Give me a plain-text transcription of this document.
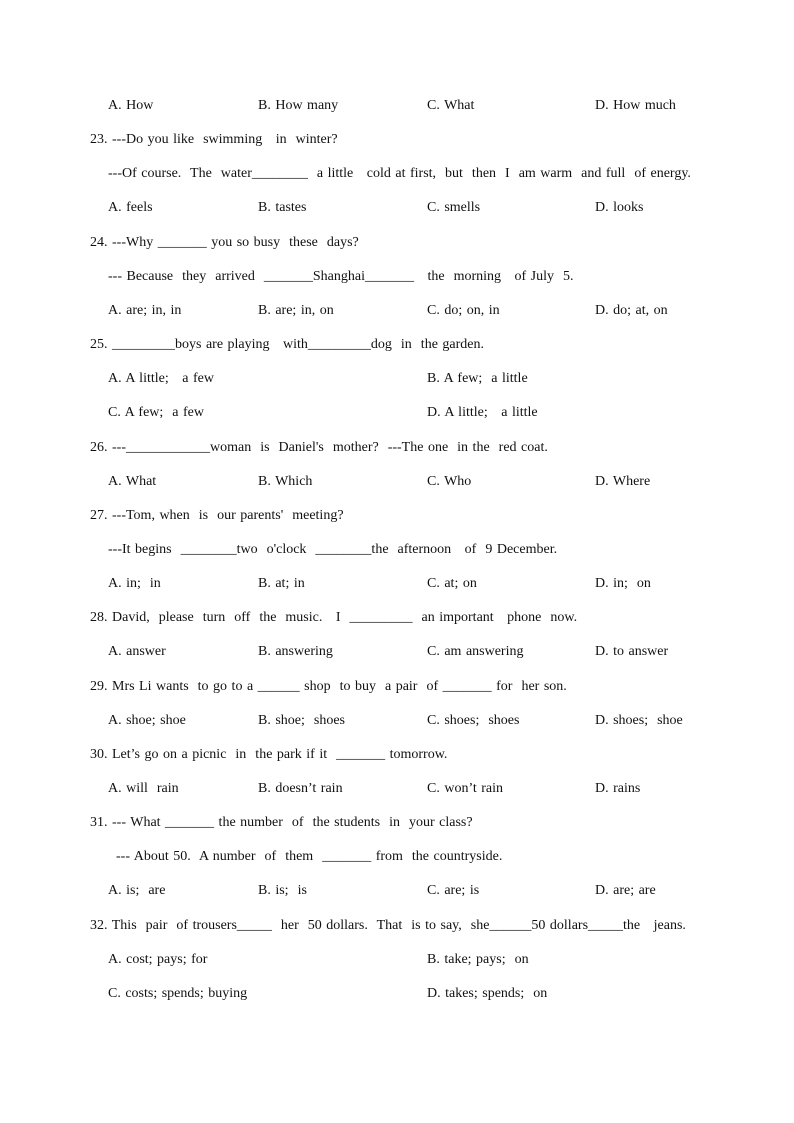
A. How	B. How many	C. What	D. How much
23. ---Do you like  swimming   in  winter?
---Of course.  The  water________  a little   cold at first,  but  then  I  am warm  and full  of energy.
A. feels	B. tastes	C. smells	D. looks
24. ---Why _______ you so busy  these  days?
--- Because  they  arrived  _______Shanghai_______   the  morning   of July  5.
A. are; in, in	B. are; in, on	C. do; on, in	D. do; at, on
25. _________boys are playing   with_________dog  in  the garden.
A. A little;   a few	B. A few;  a little
C. A few;  a few	D. A little;   a little
26. ---____________woman  is  Daniel's  mother?  ---The one  in the  red coat.
A. What	B. Which	C. Who	D. Where
27. ---Tom, when  is  our parents'  meeting?
---It begins  ________two  o'clock  ________the  afternoon   of  9 December.
A. in;  in	B. at; in	C. at; on	D. in;  on
28. David,  please  turn  off  the  music.   I  _________  an important   phone  now.
A. answer	B. answering	C. am answering	D. to answer
29. Mrs Li wants  to go to a ______ shop  to buy  a pair  of _______ for  her son.
A. shoe; shoe	B. shoe;  shoes	C. shoes;  shoes	D. shoes;  shoe
30. Let’s go on a picnic  in  the park if it  _______ tomorrow.
A. will  rain	B. doesn’t rain	C. won’t rain	D. rains
31. --- What _______ the number  of  the students  in  your class?
--- About 50.  A number  of  them  _______ from  the countryside.
A. is;  are	B. is;  is	C. are; is	D. are; are
32. This  pair  of trousers_____  her  50 dollars.  That  is to say,  she______50 dollars_____the   jeans.
A. cost; pays; for	B. take; pays;  on
C. costs; spends; buying	D. takes; spends;  on
